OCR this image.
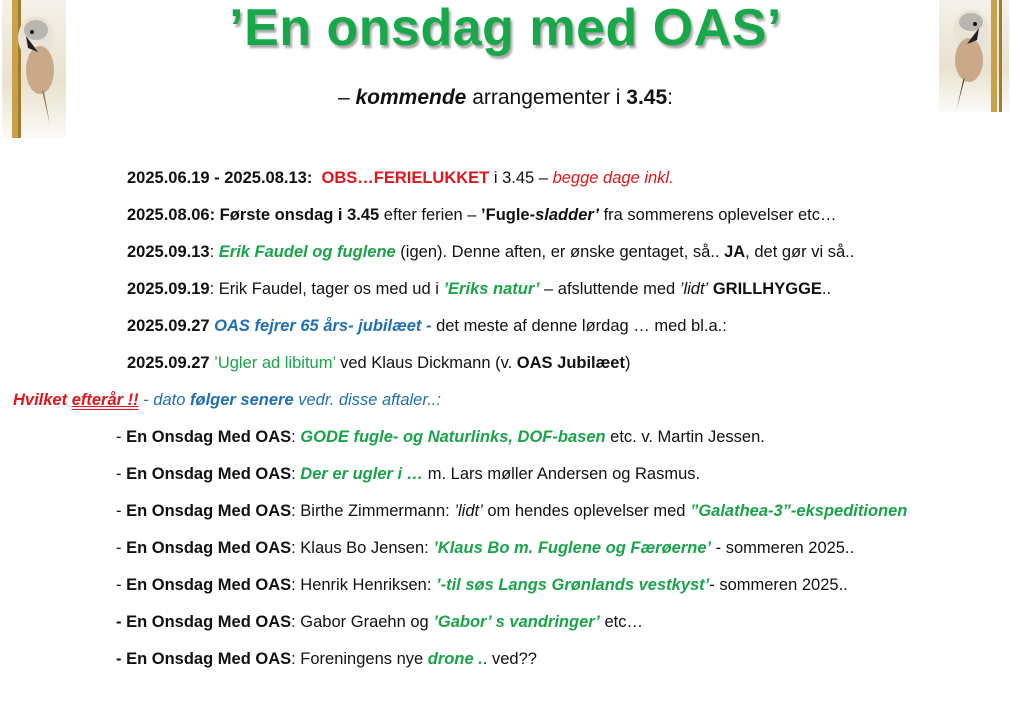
’En onsdag med OAS’
– kommende arrangementer i 3.45:
2025.06.19 - 2025.08.13: OBS…FERIELUKKET i 3.45 – begge dage inkl.
2025.08.06: Første onsdag i 3.45 efter ferien – ’Fugle-sladder’ fra sommerens oplevelser etc…
2025.09.13: Erik Faudel og fuglene (igen). Denne aften, er ønske gentaget, så.. JA, det gør vi så..
2025.09.19: Erik Faudel, tager os med ud i ’Eriks natur’ – afsluttende med ’lidt’ GRILLHYGGE..
2025.09.27 OAS fejrer 65 års- jubilæet - det meste af denne lørdag … med bl.a.:
2025.09.27 ’Ugler ad libitum’ ved Klaus Dickmann (v. OAS Jubilæet)
Hvilket efterår !! - dato følger senere vedr. disse aftaler..:
- En Onsdag Med OAS: GODE fugle- og Naturlinks, DOF-basen etc. v. Martin Jessen.
- En Onsdag Med OAS: Der er ugler i … m. Lars møller Andersen og Rasmus.
- En Onsdag Med OAS: Birthe Zimmermann: ’lidt’ om hendes oplevelser med ”Galathea-3”-ekspeditionen
- En Onsdag Med OAS: Klaus Bo Jensen: ’Klaus Bo m. Fuglene og Færøerne’ - sommeren 2025..
- En Onsdag Med OAS: Henrik Henriksen: ’-til søs Langs Grønlands vestkyst’- sommeren 2025..
- En Onsdag Med OAS: Gabor Graehn og ’Gabor’ s vandringer’ etc…
- En Onsdag Med OAS: Foreningens nye drone .. ved??
